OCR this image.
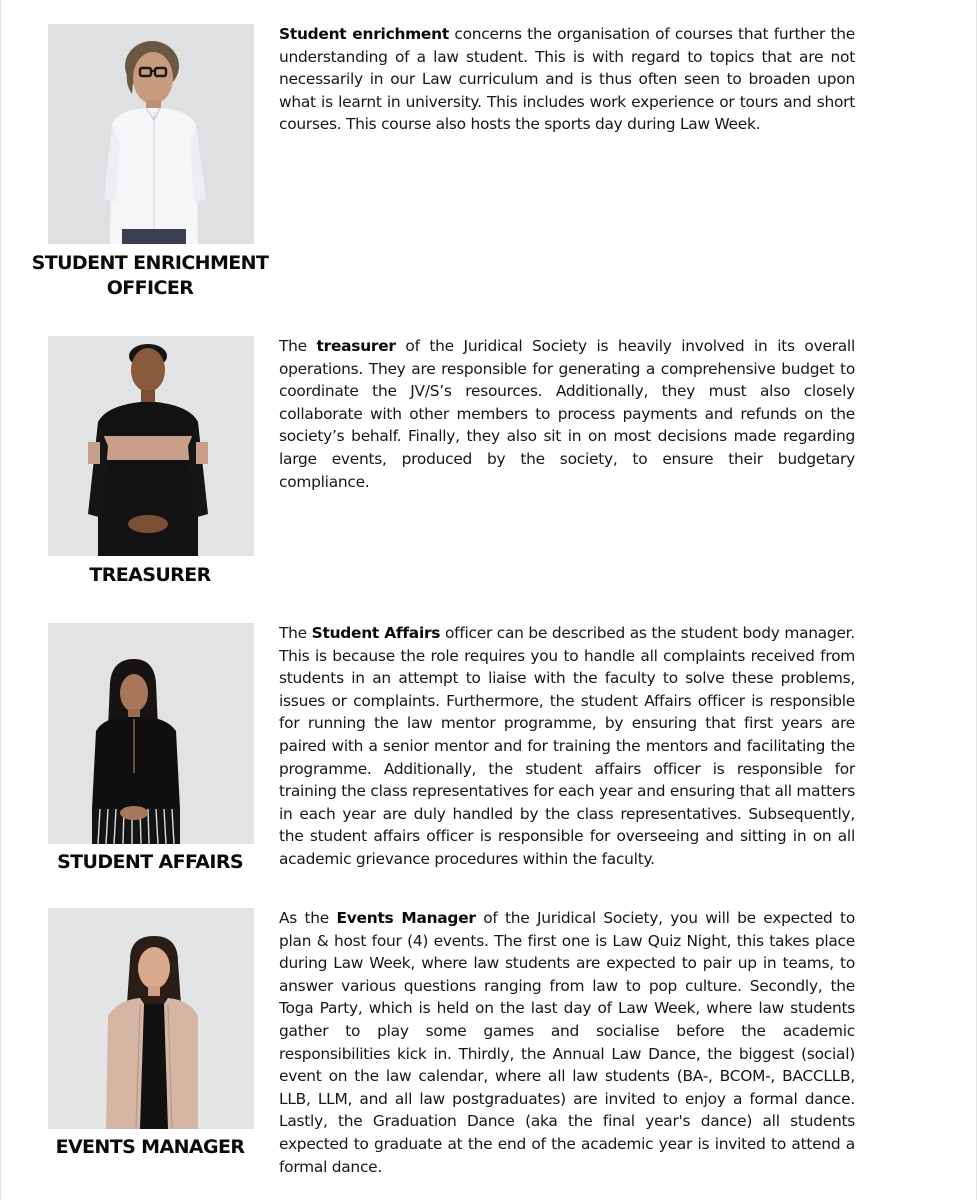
STUDENT ENRICHMENT
OFFICER

Student enrichment concerns the organisation of courses that further the understanding of a law student. This is with regard to topics that are not necessarily in our Law curriculum and is thus often seen to broaden upon what is learnt in university. This includes work experience or tours and short courses. This course also hosts the sports day during Law Week.

TREASURER

The treasurer of the Juridical Society is heavily involved in its overall operations. They are responsible for generating a comprehensive budget to coordinate the JV/S’s resources. Additionally, they must also closely collaborate with other members to process payments and refunds on the society’s behalf. Finally, they also sit in on most decisions made regarding large events, produced by the society, to ensure their budgetary compliance.

STUDENT AFFAIRS

The Student Affairs officer can be described as the student body manager. This is because the role requires you to handle all complaints received from students in an attempt to liaise with the faculty to solve these problems, issues or complaints. Furthermore, the student Affairs officer is responsible for running the law mentor programme, by ensuring that first years are paired with a senior mentor and for training the mentors and facilitating the programme. Additionally, the student affairs officer is responsible for training the class representatives for each year and ensuring that all matters in each year are duly handled by the class representatives. Subsequently, the student affairs officer is responsible for overseeing and sitting in on all academic grievance procedures within the faculty.

EVENTS MANAGER

As the Events Manager of the Juridical Society, you will be expected to plan & host four (4) events. The first one is Law Quiz Night, this takes place during Law Week, where law students are expected to pair up in teams, to answer various questions ranging from law to pop culture. Secondly, the Toga Party, which is held on the last day of Law Week, where law students gather to play some games and socialise before the academic responsibilities kick in. Thirdly, the Annual Law Dance, the biggest (social) event on the law calendar, where all law students (BA-, BCOM-, BACCLLB, LLB, LLM, and all law postgraduates) are invited to enjoy a formal dance. Lastly, the Graduation Dance (aka the final year's dance) all students expected to graduate at the end of the academic year is invited to attend a formal dance.
